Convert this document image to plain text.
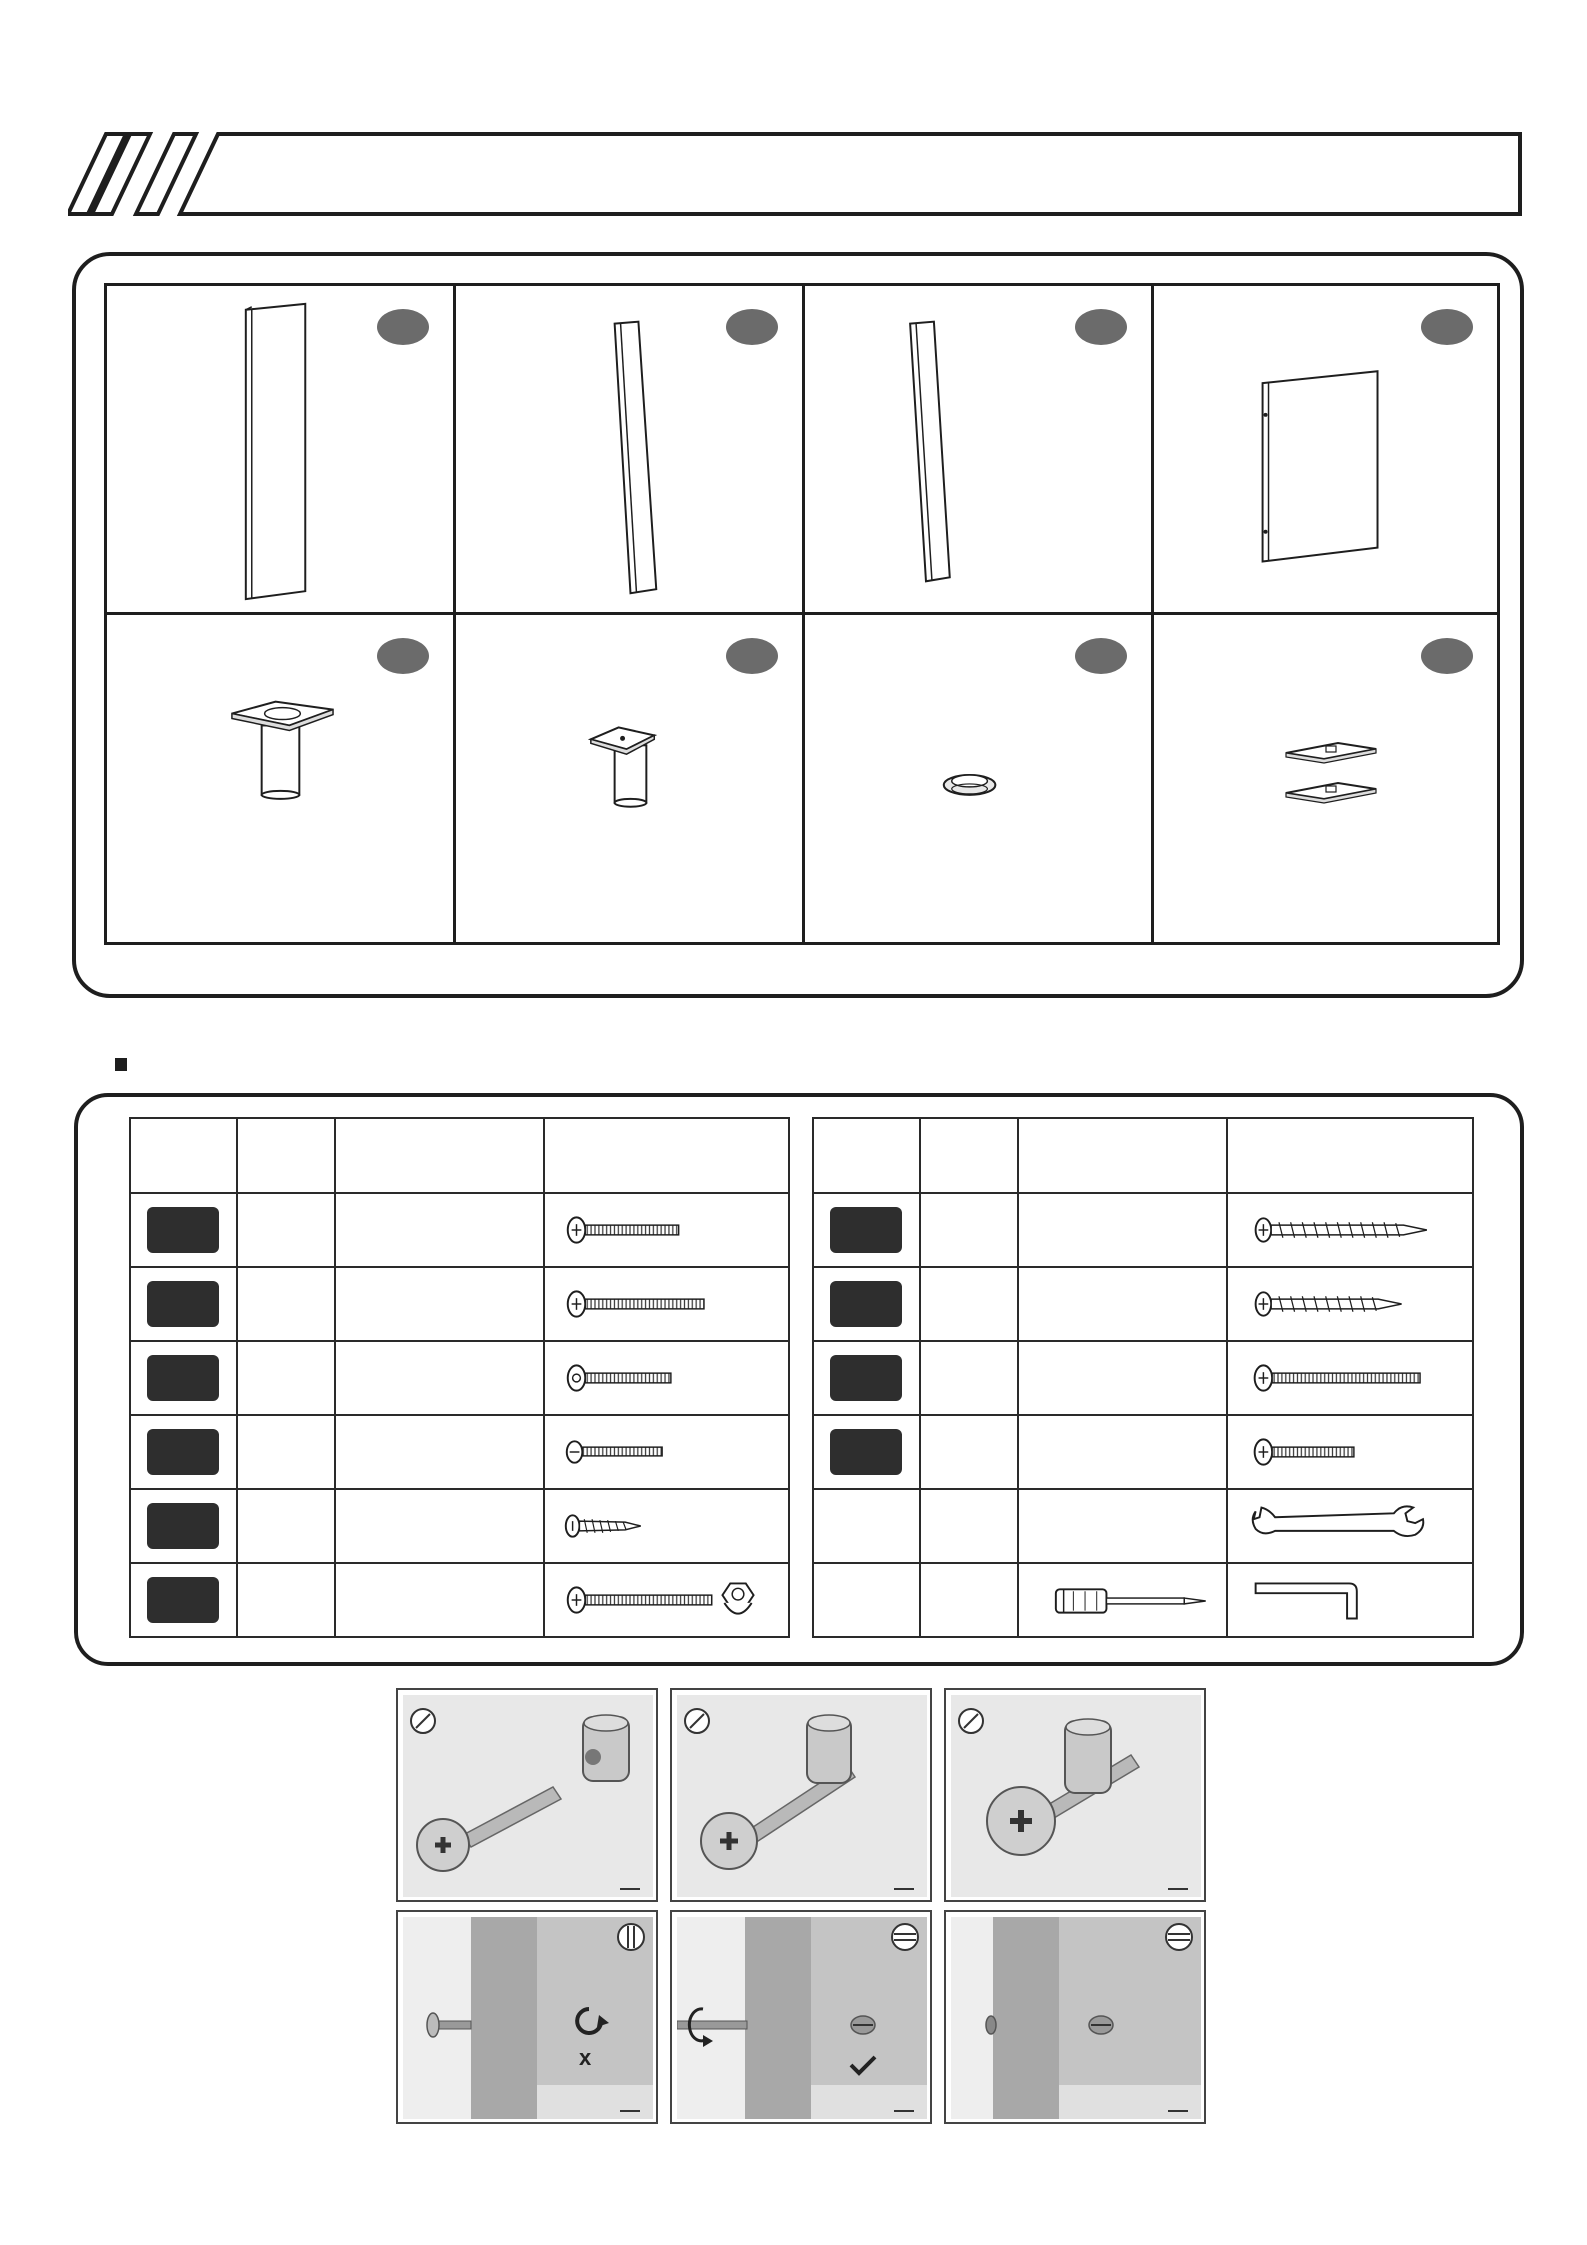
x
